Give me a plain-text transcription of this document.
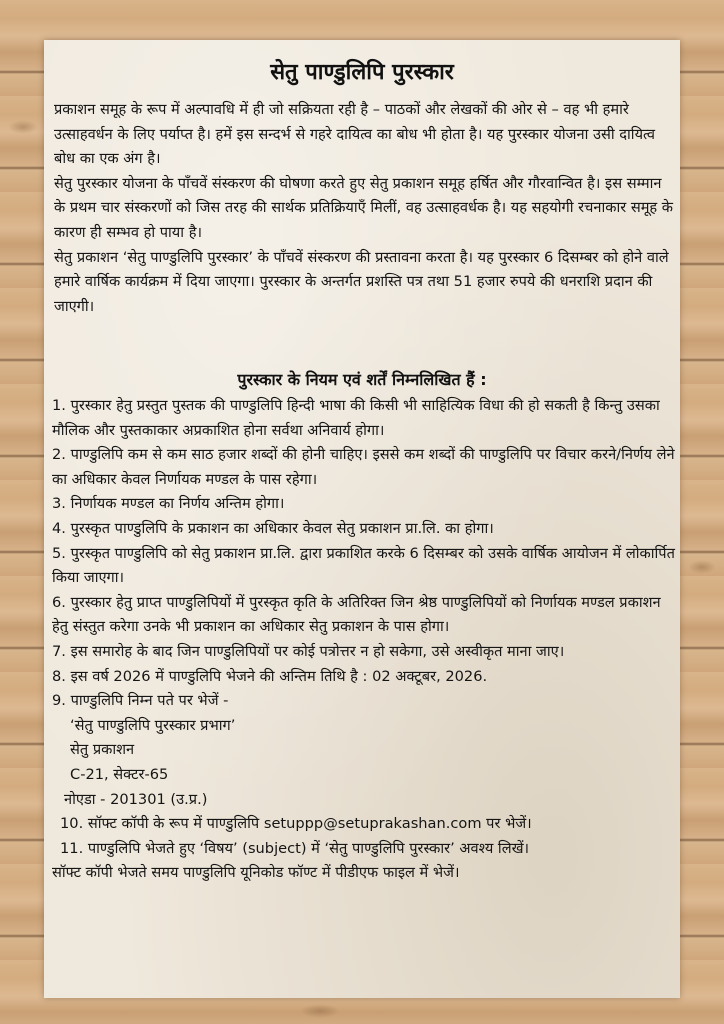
सेतु पाण्डुलिपि पुरस्कार

प्रकाशन समूह के रूप में अल्पावधि में ही जो सक्रियता रही है – पाठकों और लेखकों की ओर से – वह भी हमारे उत्साहवर्धन के लिए पर्याप्त है। हमें इस सन्दर्भ से गहरे दायित्व का बोध भी होता है। यह पुरस्कार योजना उसी दायित्व बोध का एक अंग है।

सेतु पुरस्कार योजना के पाँचवें संस्करण की घोषणा करते हुए सेतु प्रकाशन समूह हर्षित और गौरवान्वित है। इस सम्मान के प्रथम चार संस्करणों को जिस तरह की सार्थक प्रतिक्रियाएँ मिलीं, वह उत्साहवर्धक है। यह सहयोगी रचनाकार समूह के कारण ही सम्भव हो पाया है।

सेतु प्रकाशन ‘सेतु पाण्डुलिपि पुरस्कार’ के पाँचवें संस्करण की प्रस्तावना करता है। यह पुरस्कार 6 दिसम्बर को होने वाले हमारे वार्षिक कार्यक्रम में दिया जाएगा। पुरस्कार के अन्तर्गत प्रशस्ति पत्र तथा 51 हजार रुपये की धनराशि प्रदान की जाएगी।

पुरस्कार के नियम एवं शर्तें निम्नलिखित हैं :

1. पुरस्कार हेतु प्रस्तुत पुस्तक की पाण्डुलिपि हिन्दी भाषा की किसी भी साहित्यिक विधा की हो सकती है किन्तु उसका मौलिक और पुस्तकाकार अप्रकाशित होना सर्वथा अनिवार्य होगा।

2. पाण्डुलिपि कम से कम साठ हजार शब्दों की होनी चाहिए। इससे कम शब्दों की पाण्डुलिपि पर विचार करने/निर्णय लेने का अधिकार केवल निर्णायक मण्डल के पास रहेगा।

3. निर्णायक मण्डल का निर्णय अन्तिम होगा।

4. पुरस्कृत पाण्डुलिपि के प्रकाशन का अधिकार केवल सेतु प्रकाशन प्रा.लि. का होगा।

5. पुरस्कृत पाण्डुलिपि को सेतु प्रकाशन प्रा.लि. द्वारा प्रकाशित करके 6 दिसम्बर को उसके वार्षिक आयोजन में लोकार्पित किया जाएगा।

6. पुरस्कार हेतु प्राप्त पाण्डुलिपियों में पुरस्कृत कृति के अतिरिक्त जिन श्रेष्ठ पाण्डुलिपियों को निर्णायक मण्डल प्रकाशन हेतु संस्तुत करेगा उनके भी प्रकाशन का अधिकार सेतु प्रकाशन के पास होगा।

7. इस समारोह के बाद जिन पाण्डुलिपियों पर कोई पत्रोत्तर न हो सकेगा, उसे अस्वीकृत माना जाए।

8. इस वर्ष 2026 में पाण्डुलिपि भेजने की अन्तिम तिथि है : 02 अक्टूबर, 2026.

9. पाण्डुलिपि निम्न पते पर भेजें -

‘सेतु पाण्डुलिपि पुरस्कार प्रभाग’

सेतु प्रकाशन

C-21, सेक्टर-65

नोएडा - 201301 (उ.प्र.)

10. सॉफ्ट कॉपी के रूप में पाण्डुलिपि setuppp@setuprakashan.com पर भेजें।

11. पाण्डुलिपि भेजते हुए ‘विषय’ (subject) में ‘सेतु पाण्डुलिपि पुरस्कार’ अवश्य लिखें।

सॉफ्ट कॉपी भेजते समय पाण्डुलिपि यूनिकोड फॉण्ट में पीडीएफ फाइल में भेजें।
